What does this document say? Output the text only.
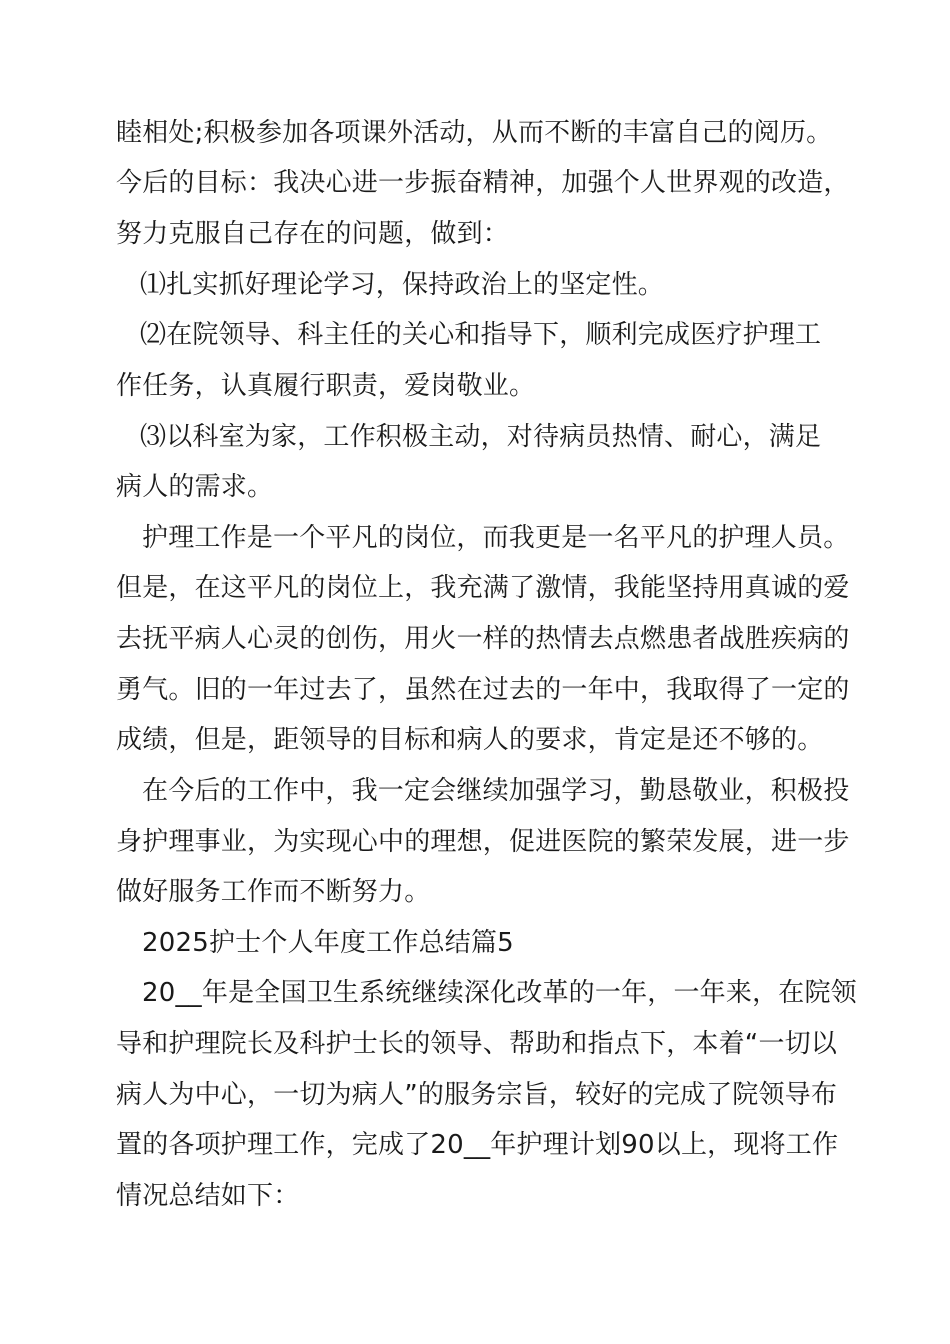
睦相处;积极参加各项课外活动，从而不断的丰富自己的阅历。
今后的目标：我决心进一步振奋精神，加强个人世界观的改造，
努力克服自己存在的问题，做到：
⑴扎实抓好理论学习，保持政治上的坚定性。
⑵在院领导、科主任的关心和指导下，顺利完成医疗护理工
作任务，认真履行职责，爱岗敬业。
⑶以科室为家，工作积极主动，对待病员热情、耐心，满足
病人的需求。
护理工作是一个平凡的岗位，而我更是一名平凡的护理人员。
但是，在这平凡的岗位上，我充满了激情，我能坚持用真诚的爱
去抚平病人心灵的创伤，用火一样的热情去点燃患者战胜疾病的
勇气。旧的一年过去了，虽然在过去的一年中，我取得了一定的
成绩，但是，距领导的目标和病人的要求，肯定是还不够的。
在今后的工作中，我一定会继续加强学习，勤恳敬业，积极投
身护理事业，为实现心中的理想，促进医院的繁荣发展，进一步
做好服务工作而不断努力。
2025护士个人年度工作总结篇5
20__年是全国卫生系统继续深化改革的一年，一年来，在院领
导和护理院长及科护士长的领导、帮助和指点下，本着“一切以
病人为中心，一切为病人”的服务宗旨，较好的完成了院领导布
置的各项护理工作，完成了20__年护理计划90以上，现将工作
情况总结如下：
